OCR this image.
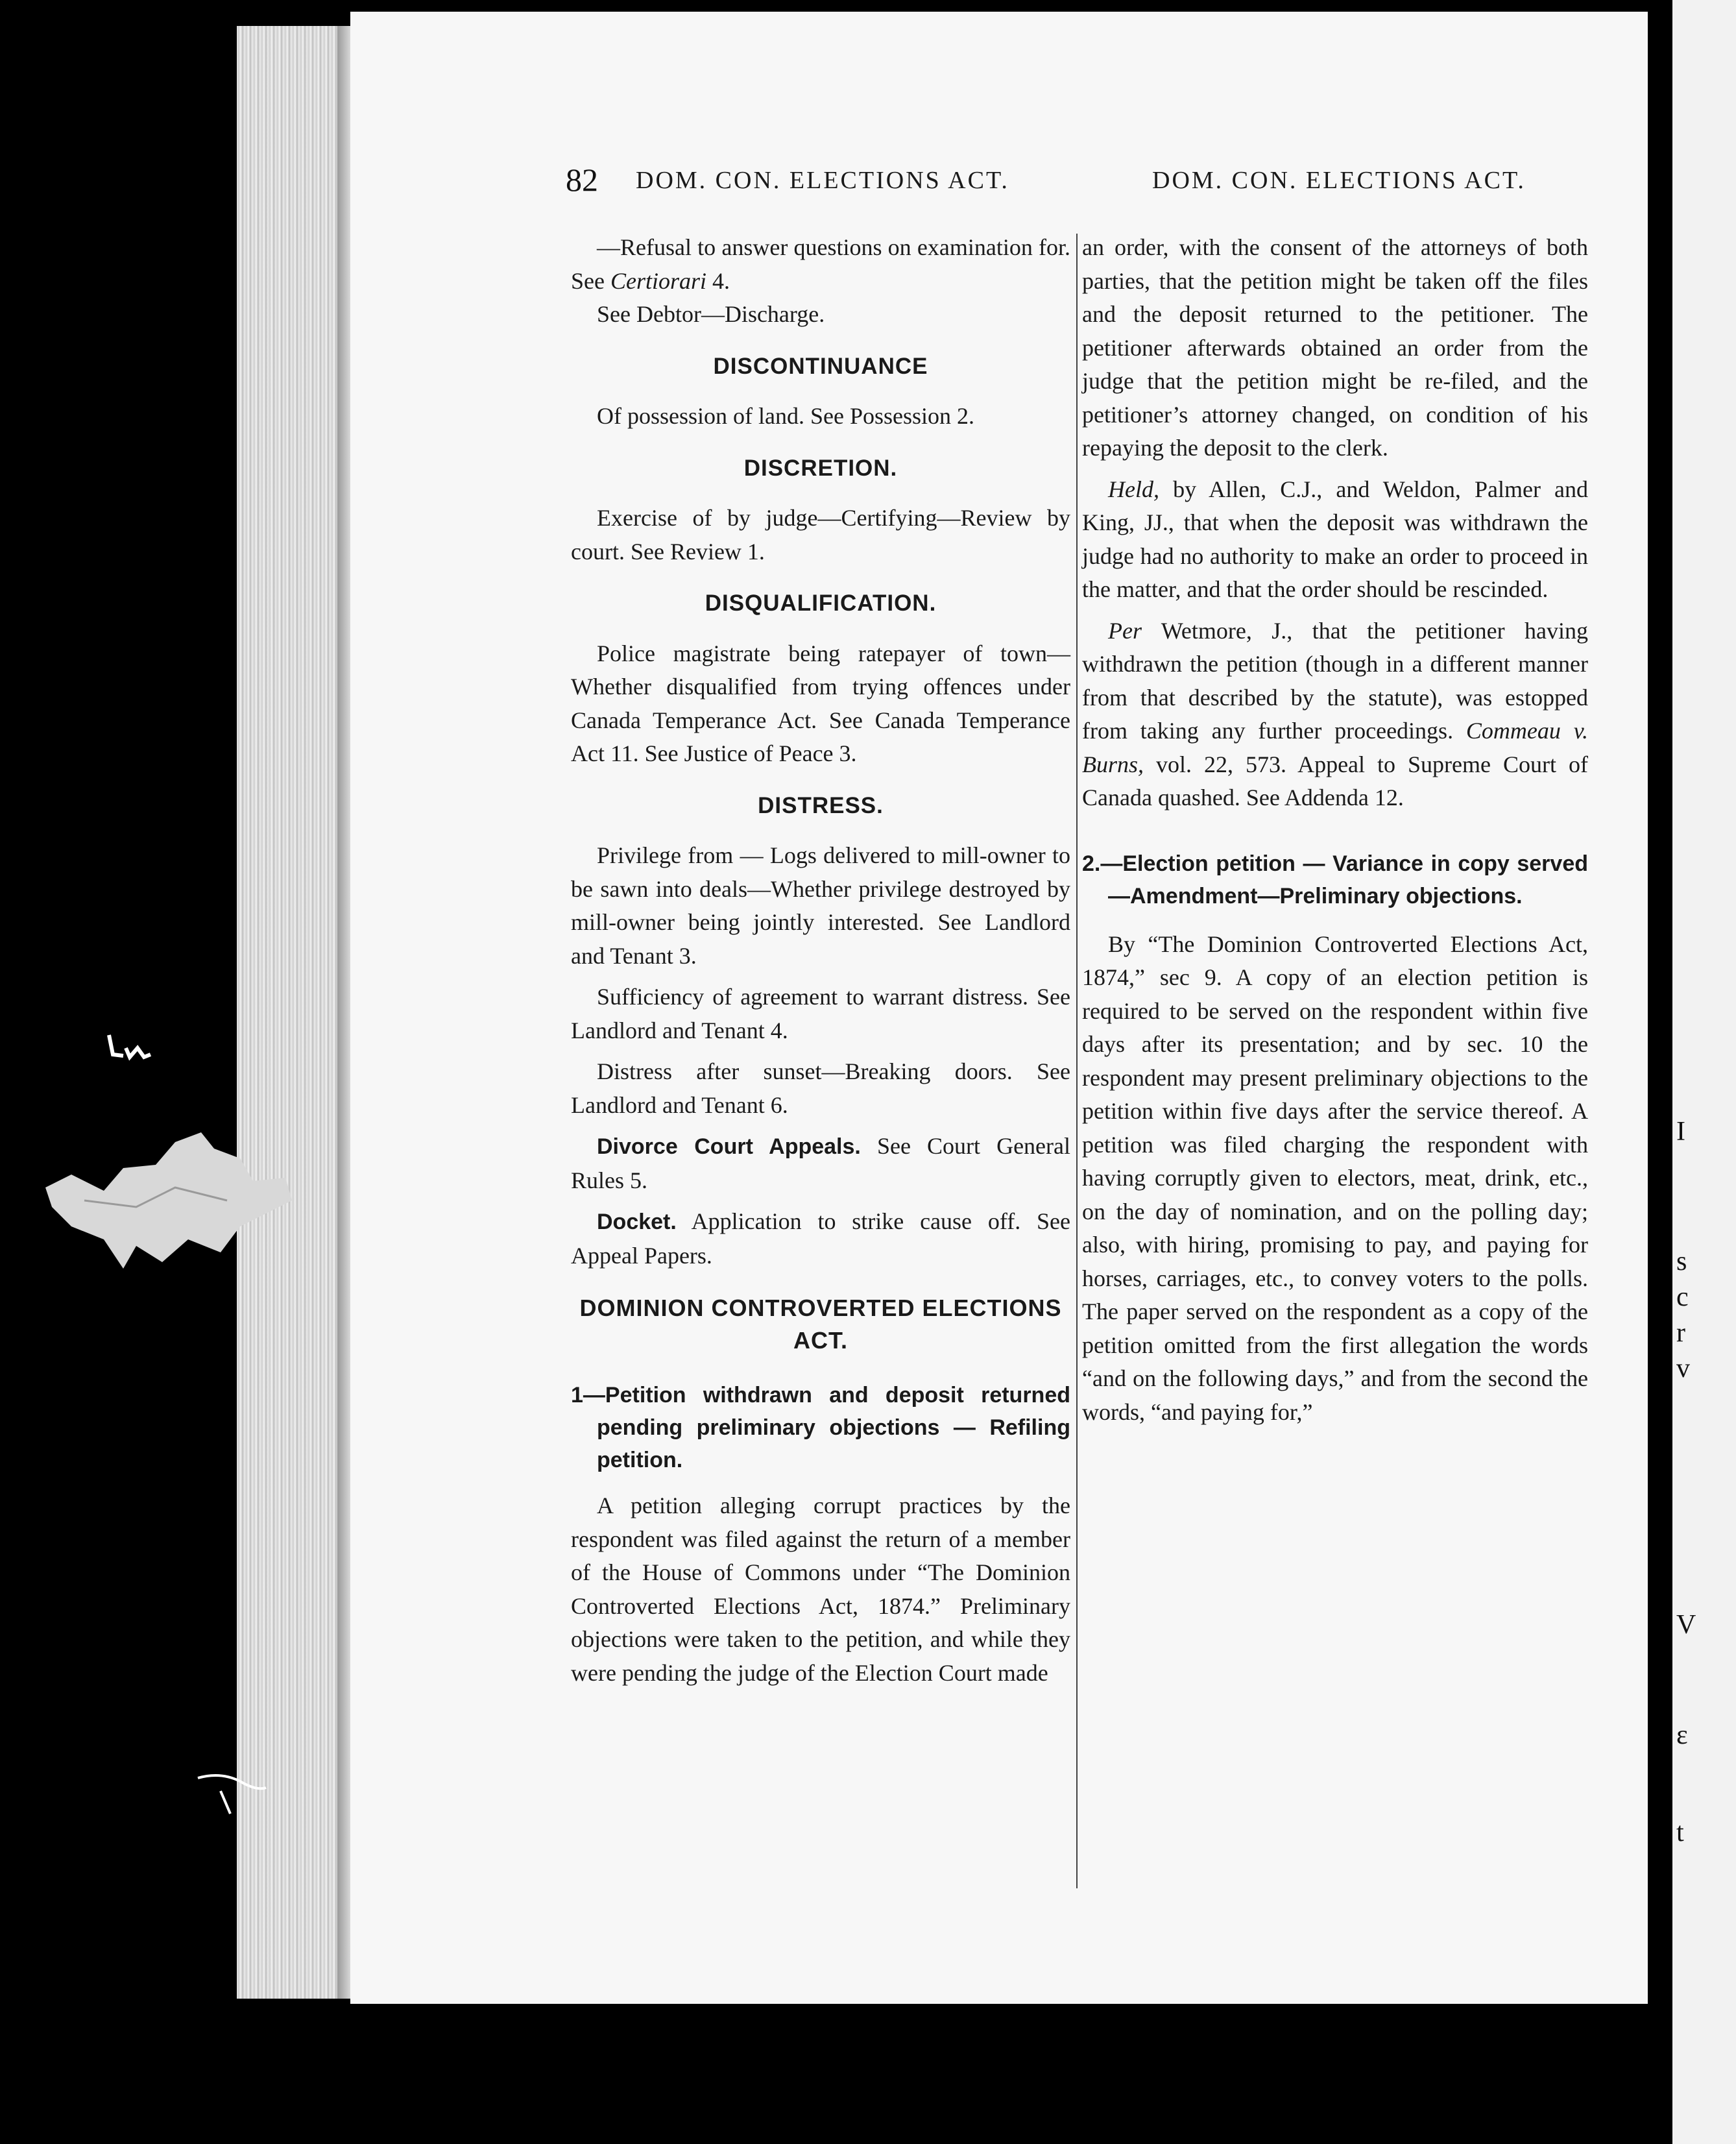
82 DOM. CON. ELECTIONS ACT.	DOM. CON. ELECTIONS ACT.

—Refusal to answer questions on examination for. See Certiorari 4.

See Debtor—Discharge.

DISCONTINUANCE

Of possession of land. See Possession 2.

DISCRETION.

Exercise of by judge—Certifying—Review by court. See Review 1.

DISQUALIFICATION.

Police magistrate being ratepayer of town—Whether disqualified from trying offences under Canada Temperance Act. See Canada Temperance Act 11. See Justice of Peace 3.

DISTRESS.

Privilege from — Logs delivered to mill-owner to be sawn into deals—Whether privilege destroyed by mill-owner being jointly interested. See Landlord and Tenant 3.

Sufficiency of agreement to warrant distress. See Landlord and Tenant 4.

Distress after sunset—Breaking doors. See Landlord and Tenant 6.

Divorce Court Appeals. See Court General Rules 5.

Docket. Application to strike cause off. See Appeal Papers.

DOMINION CONTROVERTED ELECTIONS
ACT.
1—Petition withdrawn and deposit returned pending preliminary objections — Refiling petition.

A petition alleging corrupt practices by the respondent was filed against the return of a member of the House of Commons under “The Dominion Controverted Elections Act, 1874.” Preliminary objections were taken to the petition, and while they were pending the judge of the Election Court made

an order, with the consent of the attorneys of both parties, that the petition might be taken off the files and the deposit returned to the petitioner. The petitioner afterwards obtained an order from the judge that the petition might be re-filed, and the petitioner’s attorney changed, on condition of his repaying the deposit to the clerk.

Held, by Allen, C.J., and Weldon, Palmer and King, JJ., that when the deposit was withdrawn the judge had no authority to make an order to proceed in the matter, and that the order should be rescinded.

Per Wetmore, J., that the petitioner having withdrawn the petition (though in a different manner from that described by the statute), was estopped from taking any further proceedings. Commeau v. Burns, vol. 22, 573. Appeal to Supreme Court of Canada quashed. See Addenda 12.

2.—Election petition — Variance in copy served—Amendment—Preliminary objections.

By “The Dominion Controverted Elections Act, 1874,” sec 9. A copy of an election petition is required to be served on the respondent within five days after its presentation; and by sec. 10 the respondent may present preliminary objections to the petition within five days after the service thereof. A petition was filed charging the respondent with having corruptly given to electors, meat, drink, etc., on the day of nomination, and on the polling day; also, with hiring, promising to pay, and paying for horses, carriages, etc., to convey voters to the polls. The paper served on the respondent as a copy of the petition omitted from the first allegation the words “and on the following days,” and from the second the words, “and paying for,”

I
s
c
r
v
V
ε
t
